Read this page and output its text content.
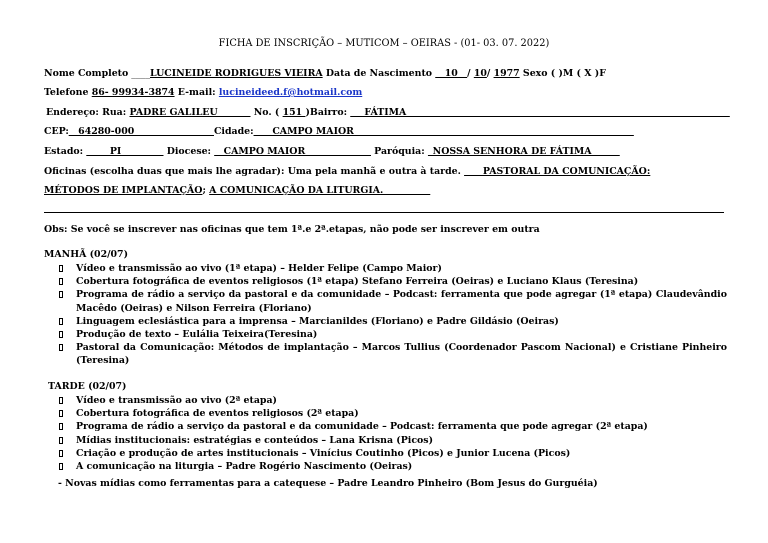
FICHA DE INSCRIÇÃO – MUTICOM – OEIRAS - (01- 03. 07. 2022)
Nome Completo ____LUCINEIDE RODRIGUES VIEIRA Data de Nascimento __10__/ 10/ 1977 Sexo ( )M ( X )F
Telefone 86- 99934-3874 E-mail: lucineideed.f@hotmail.com
Endereço: Rua: PADRE GALILEU_______ No. ( 151 )Bairro: ___FÁTIMA_____________________________________________________________________
CEP:__64280-000_________________Cidade:____CAMPO MAIOR ___________________________________________________________
Estado: _____PI_________ Diocese: __CAMPO MAIOR______________ Paróquia: _NOSSA SENHORA DE FÁTIMA______
Oficinas (escolha duas que mais lhe agradar): Uma pela manhã e outra à tarde. ____PASTORAL DA COMUNICAÇÃO:
MÉTODOS DE IMPLANTAÇÃO; A COMUNICAÇÃO DA LITURGIA.__________
Obs: Se você se inscrever nas oficinas que tem 1ª.e 2ª.etapas, não pode ser inscrever em outra
MANHÃ (02/07)
Vídeo e transmissão ao vivo (1ª etapa) – Helder Felipe (Campo Maior)
Cobertura fotográfica de eventos religiosos (1ª etapa) Stefano Ferreira (Oeiras) e Luciano Klaus (Teresina)
Programa de rádio a serviço da pastoral e da comunidade – Podcast: ferramenta que pode agregar (1ª etapa) Claudevândio Macêdo (Oeiras) e Nilson Ferreira (Floriano)
Linguagem eclesiástica para a imprensa – Marcianildes (Floriano) e Padre Gildásio (Oeiras)
Produção de texto – Eulália Teixeira(Teresina)
Pastoral da Comunicação: Métodos de implantação – Marcos Tullius (Coordenador Pascom Nacional) e Cristiane Pinheiro (Teresina)
TARDE (02/07)
Vídeo e transmissão ao vivo (2ª etapa)
Cobertura fotográfica de eventos religiosos (2ª etapa)
Programa de rádio a serviço da pastoral e da comunidade – Podcast: ferramenta que pode agregar (2ª etapa)
Mídias institucionais: estratégias e conteúdos – Lana Krisna (Picos)
Criação e produção de artes institucionais – Vinícius Coutinho (Picos) e Junior Lucena (Picos)
A comunicação na liturgia – Padre Rogério Nascimento (Oeiras)
- Novas mídias como ferramentas para a catequese – Padre Leandro Pinheiro (Bom Jesus do Gurguéia)
